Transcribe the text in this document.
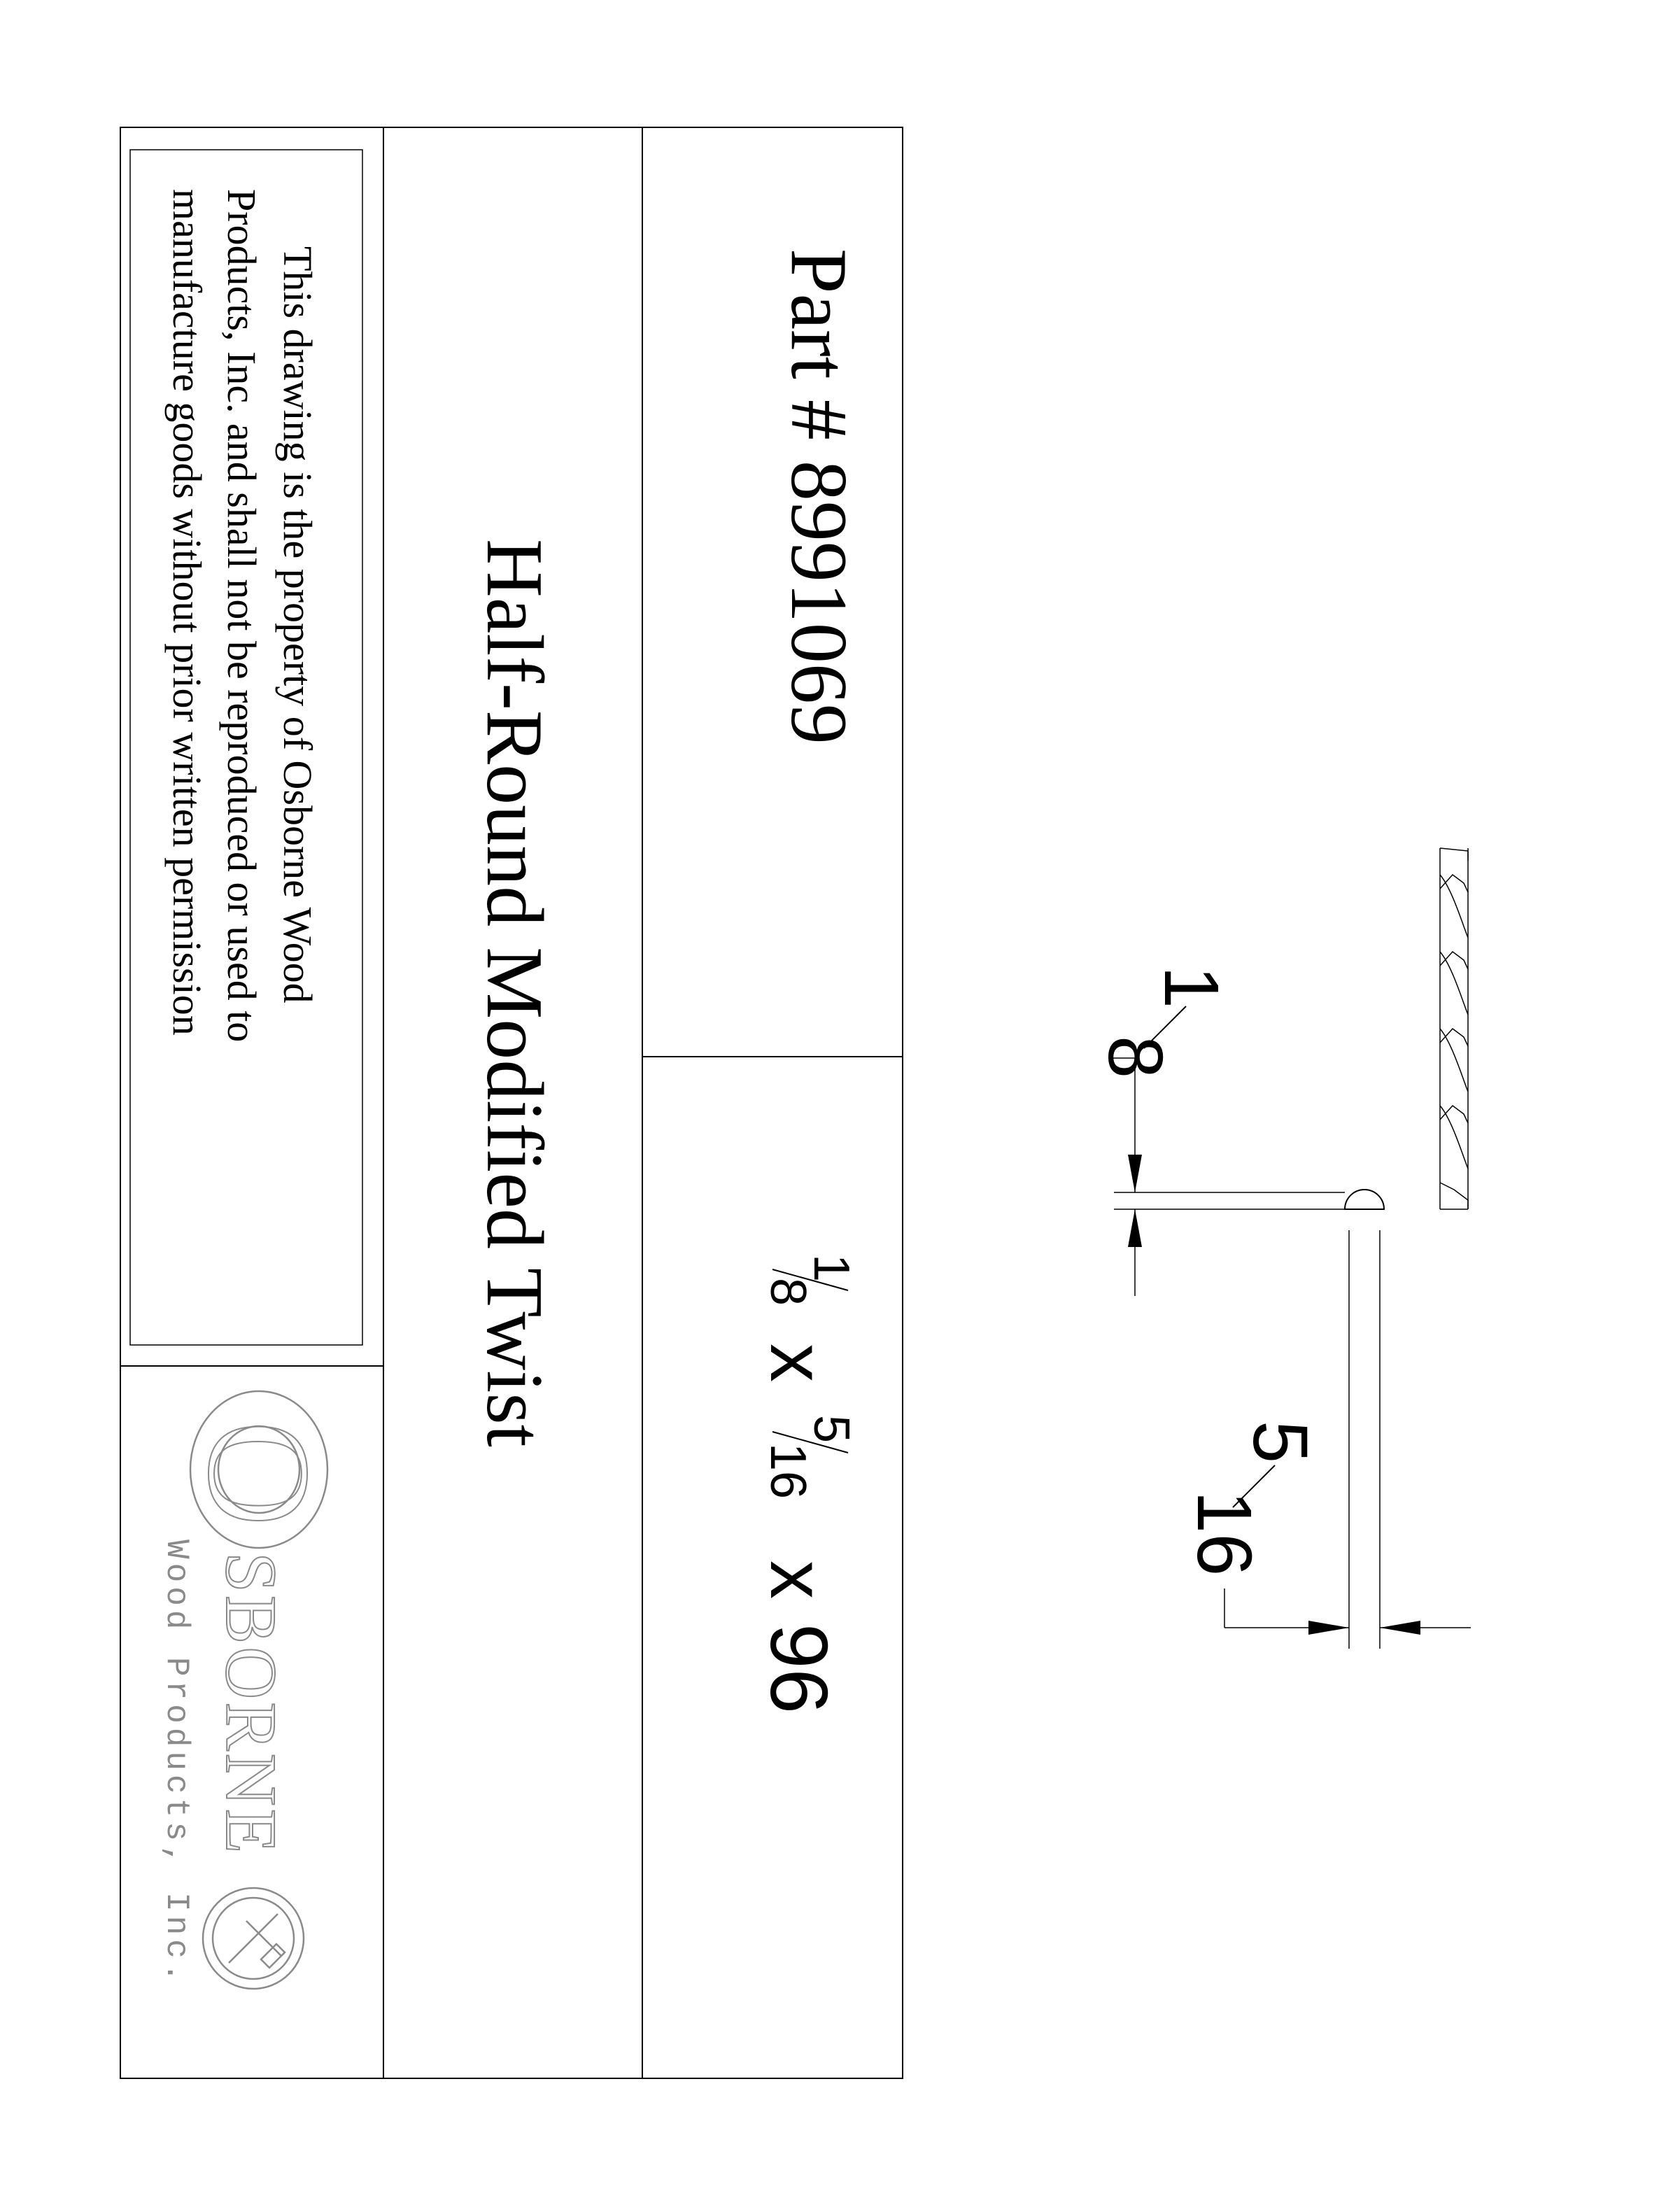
Part # 8991069
1
8
x
5
16
x
96
Half-Round Modified Twist
This drawing is the property of Osborne Wood
Products, Inc. and shall not be reproduced or used to
manufacture goods without prior written permission
O
SBORNE
Wood Products, Inc.
1
8
5
16
